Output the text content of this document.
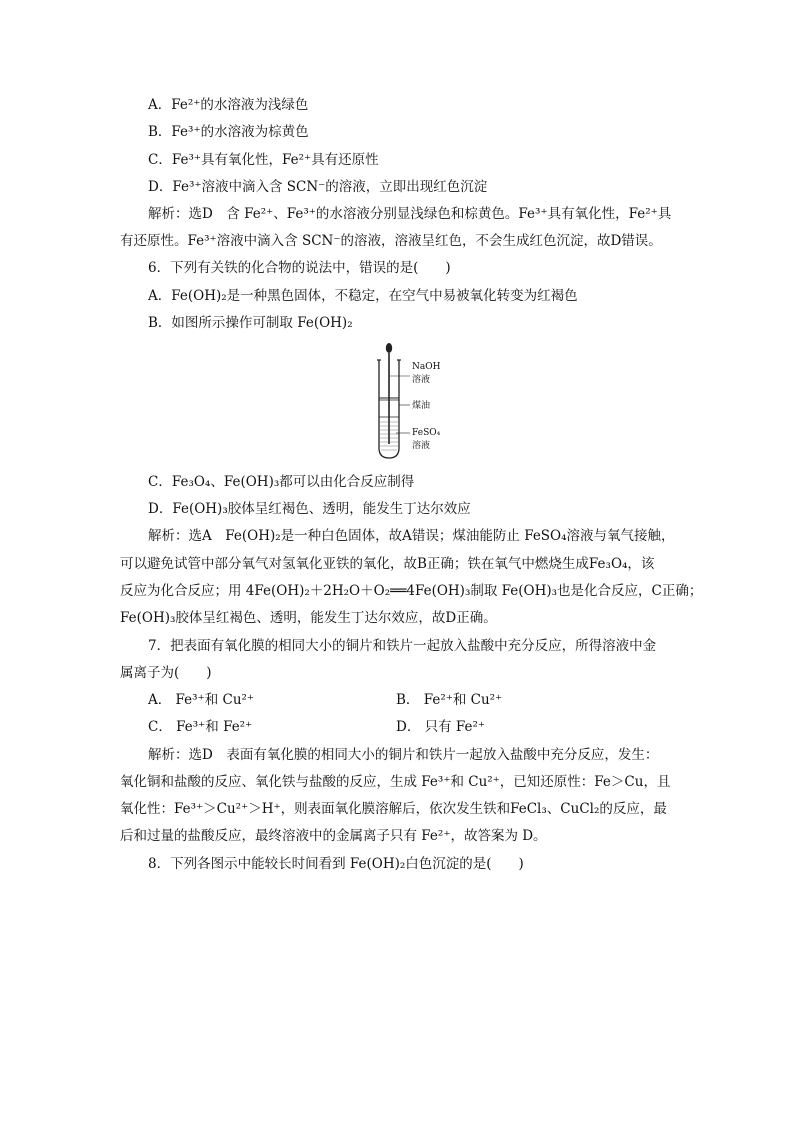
A．Fe²⁺的水溶液为浅绿色
B．Fe³⁺的水溶液为棕黄色
C．Fe³⁺具有氧化性，Fe²⁺具有还原性
D．Fe³⁺溶液中滴入含 SCN⁻的溶液，立即出现红色沉淀
解析：选D　含 Fe²⁺、Fe³⁺的水溶液分别显浅绿色和棕黄色。Fe³⁺具有氧化性，Fe²⁺具
有还原性。Fe³⁺溶液中滴入含 SCN⁻的溶液，溶液呈红色，不会生成红色沉淀，故D错误。
6．下列有关铁的化合物的说法中，错误的是(　　)
A．Fe(OH)₂是一种黑色固体，不稳定，在空气中易被氧化转变为红褐色
B．如图所示操作可制取 Fe(OH)₂
NaOH
溶液
煤油
FeSO₄
溶液
C．Fe₃O₄、Fe(OH)₃都可以由化合反应制得
D．Fe(OH)₃胶体呈红褐色、透明，能发生丁达尔效应
解析：选A　Fe(OH)₂是一种白色固体，故A错误；煤油能防止 FeSO₄溶液与氧气接触，
可以避免试管中部分氧气对氢氧化亚铁的氧化，故B正确；铁在氧气中燃烧生成Fe₃O₄，该
反应为化合反应；用 4Fe(OH)₂＋2H₂O＋O₂══4Fe(OH)₃制取 Fe(OH)₃也是化合反应，C正确；
Fe(OH)₃胶体呈红褐色、透明，能发生丁达尔效应，故D正确。
7．把表面有氧化膜的相同大小的铜片和铁片一起放入盐酸中充分反应，所得溶液中金
属离子为(　　)
A． Fe³⁺和 Cu²⁺	B． Fe²⁺和 Cu²⁺
C． Fe³⁺和 Fe²⁺	D． 只有 Fe²⁺
解析：选D　表面有氧化膜的相同大小的铜片和铁片一起放入盐酸中充分反应，发生：
氧化铜和盐酸的反应、氧化铁与盐酸的反应，生成 Fe³⁺和 Cu²⁺，已知还原性：Fe＞Cu，且
氧化性：Fe³⁺＞Cu²⁺＞H⁺，则表面氧化膜溶解后，依次发生铁和FeCl₃、CuCl₂的反应，最
后和过量的盐酸反应，最终溶液中的金属离子只有 Fe²⁺，故答案为 D。
8．下列各图示中能较长时间看到 Fe(OH)₂白色沉淀的是(　　)
